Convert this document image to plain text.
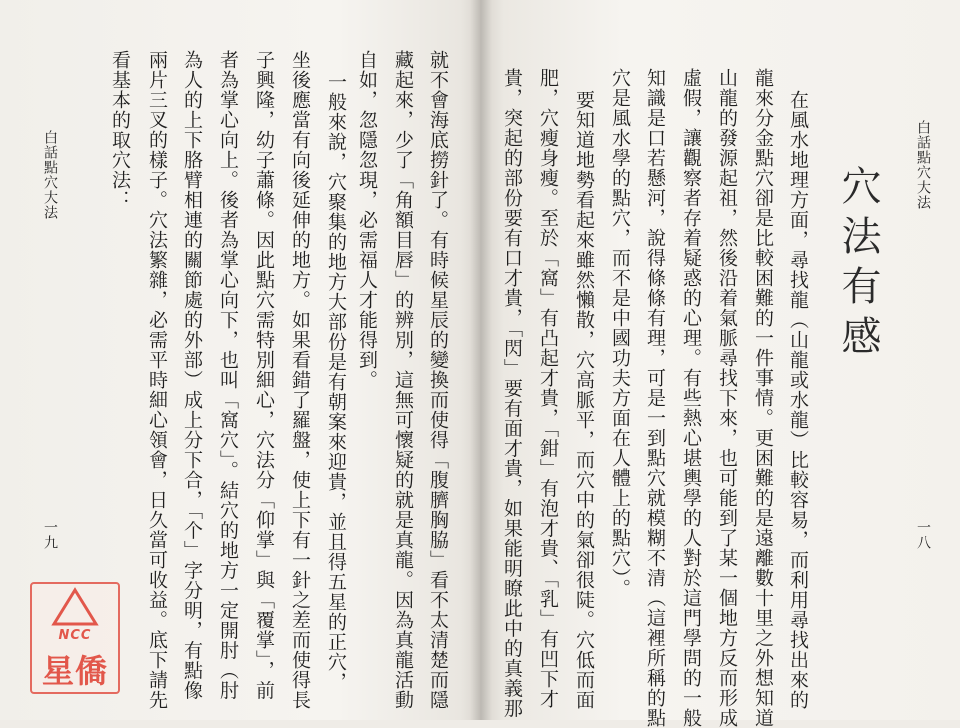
白話點穴大法
一九	就不會海底撈針了。有時候星辰的變換而使得「腹臍胸脇」看不太清楚而隱
藏起來，少了「角額目唇」的辨別，這無可懷疑的就是真龍。因為真龍活動
自如，忽隱忽現，必需福人才能得到。
一般來說，穴聚集的地方大部份是有朝案來迎貴，並且得五星的正穴，
坐後應當有向後延伸的地方。如果看錯了羅盤，使上下有一針之差而使得長
子興隆，幼子蕭條。因此點穴需特別細心，穴法分「仰掌」與「覆掌」，前
者為掌心向上。後者為掌心向下，也叫「窩穴」。結穴的地方一定開肘（肘
為人的上下胳臂相連的關節處的外部）成上分下合，「个」字分明，有點像
兩片三叉的樣子。穴法繁雜，必需平時細心領會，日久當可收益。底下請先
看基本的取穴法：
NCC
星僑
白話點穴大法
一八
穴法有感
在風水地理方面，尋找龍（山龍或水龍）比較容易，而利用尋找出來的
龍來分金點穴卻是比較困難的一件事情。更困難的是遠離數十里之外想知道
山龍的發源起祖，然後沿着氣脈尋找下來，也可能到了某一個地方反而形成
虛假，讓觀察者存着疑惑的心理。有些熱心堪輿學的人對於這門學問的一般
知識是口若懸河，說得條條有理，可是一到點穴就模糊不清（這裡所稱的點
穴是風水學的點穴，而不是中國功夫方面在人體上的點穴）。
要知道地勢看起來雖然懶散，穴高脈平，而穴中的氣卻很陡。穴低而面
肥，穴瘦身瘦。至於「窩」有凸起才貴，「鉗」有泡才貴、「乳」有凹下才
貴，突起的部份要有口才貴，「閃」要有面才貴，如果能明瞭此中的真義那
